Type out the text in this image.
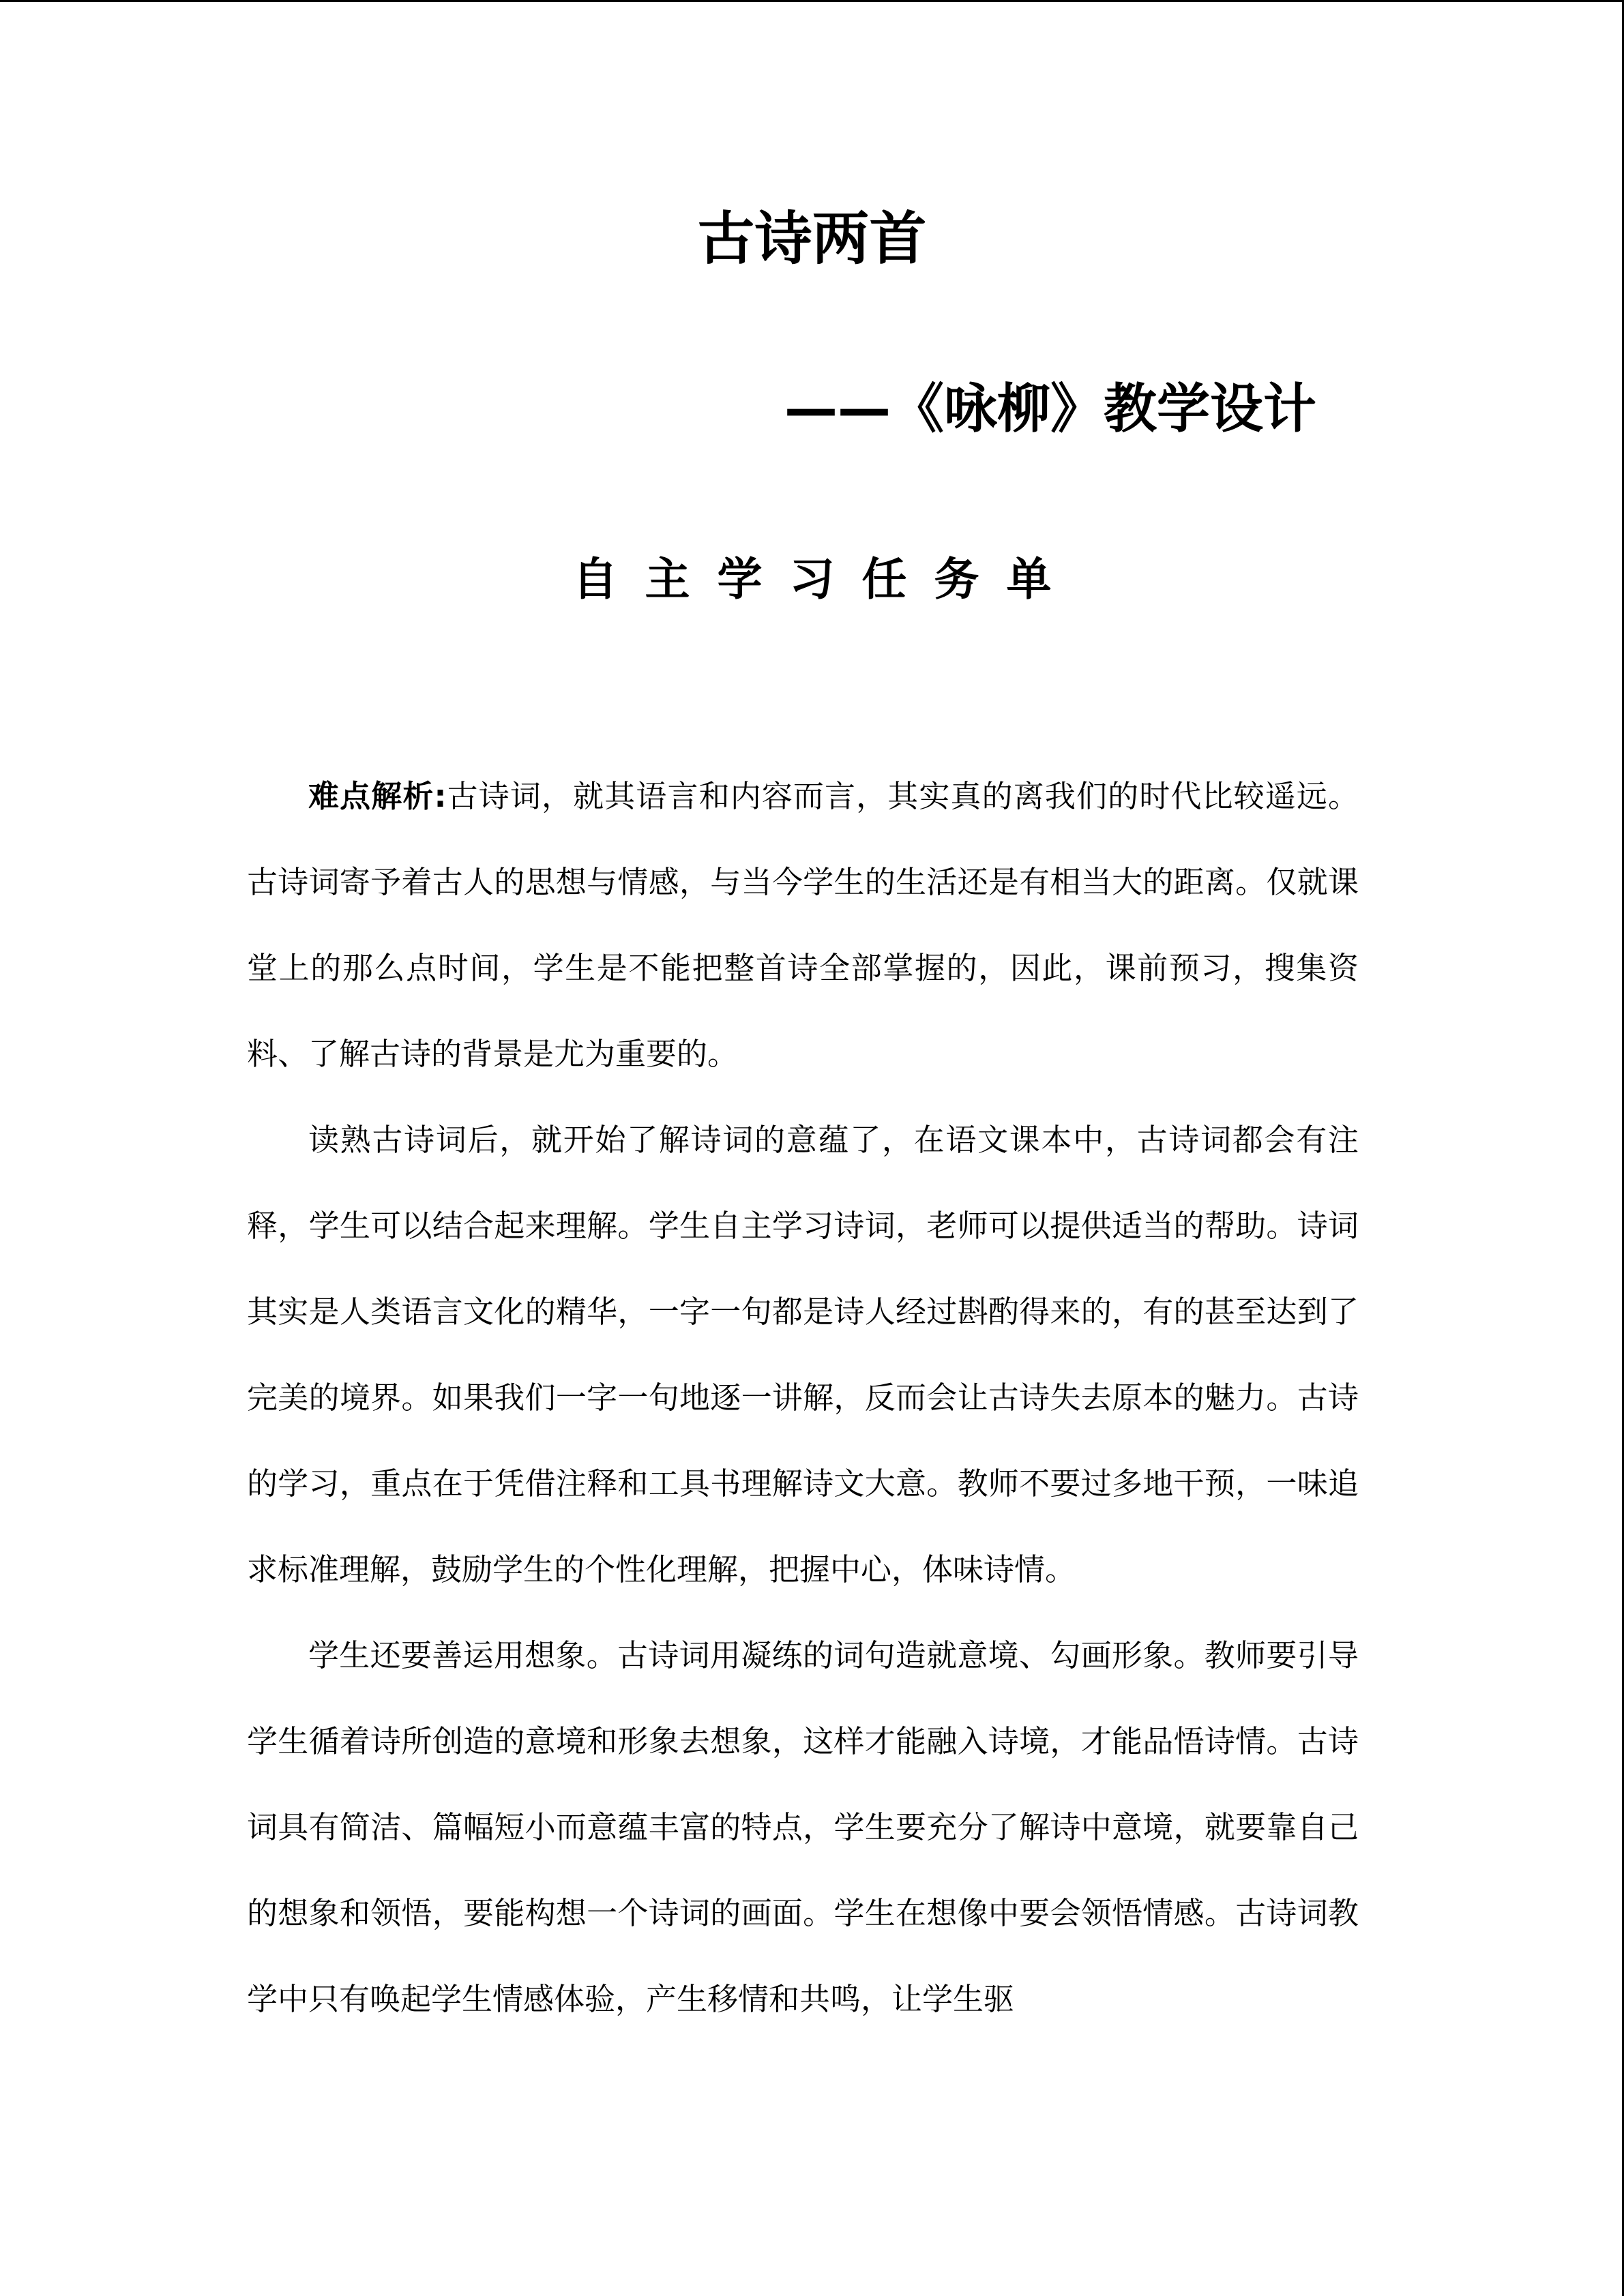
古诗两首
——《咏柳》教学设计
自主学习任务单

难点解析:古诗词，就其语言和内容而言，其实真的离我们的时代比较遥远。古诗词寄予着古人的思想与情感，与当今学生的生活还是有相当大的距离。仅就课堂上的那么点时间，学生是不能把整首诗全部掌握的，因此，课前预习，搜集资料、了解古诗的背景是尤为重要的。

读熟古诗词后，就开始了解诗词的意蕴了，在语文课本中，古诗词都会有注释，学生可以结合起来理解。学生自主学习诗词，老师可以提供适当的帮助。诗词其实是人类语言文化的精华，一字一句都是诗人经过斟酌得来的，有的甚至达到了完美的境界。如果我们一字一句地逐一讲解，反而会让古诗失去原本的魅力。古诗的学习，重点在于凭借注释和工具书理解诗文大意。教师不要过多地干预，一味追求标准理解，鼓励学生的个性化理解，把握中心，体味诗情。

学生还要善运用想象。古诗词用凝练的词句造就意境、勾画形象。教师要引导学生循着诗所创造的意境和形象去想象，这样才能融入诗境，才能品悟诗情。古诗词具有简洁、篇幅短小而意蕴丰富的特点，学生要充分了解诗中意境，就要靠自己的想象和领悟，要能构想一个诗词的画面。学生在想像中要会领悟情感。古诗词教学中只有唤起学生情感体验，产生移情和共鸣，让学生驱
